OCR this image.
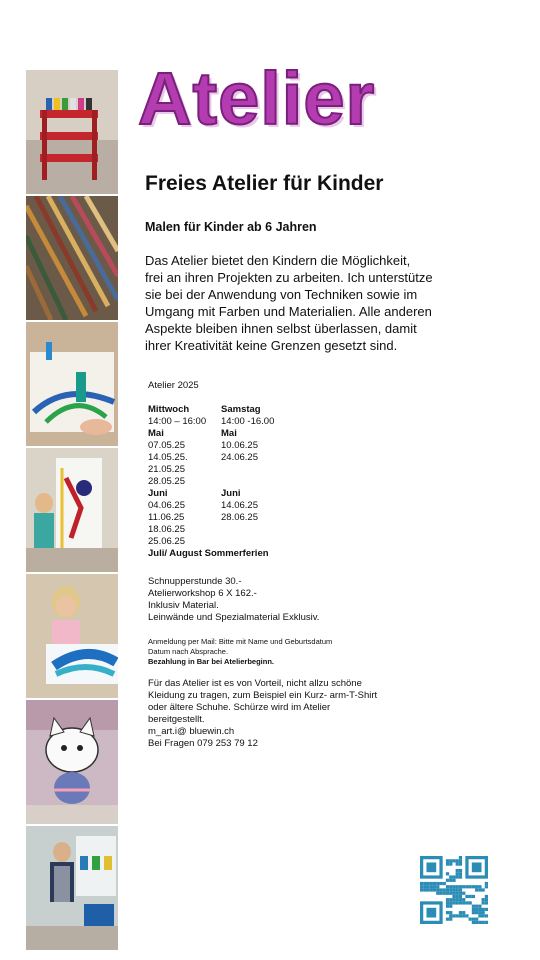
Atelier
Freies Atelier für Kinder
Malen für Kinder ab 6 Jahren
Das Atelier bietet den Kindern die Möglichkeit,
frei an ihren Projekten zu arbeiten. Ich unterstütze
sie bei der Anwendung von Techniken sowie im
Umgang mit Farben und Materialien. Alle anderen
Aspekte bleiben ihnen selbst überlassen, damit
ihrer Kreativität keine Grenzen gesetzt sind.
Atelier 2025
Mittwoch	Samstag
14:00 – 16:00	14:00 -16.00
Mai	Mai
07.05.25	10.06.25
14.05.25.	24.06.25
21.05.25
28.05.25
Juni	Juni
04.06.25	14.06.25
11.06.25	28.06.25
18.06.25
25.06.25
Juli/ August Sommerferien
Schnupperstunde 30.-
Atelierworkshop 6 X 162.-
Inklusiv Material.
Leinwände und Spezialmaterial Exklusiv.
Anmeldung per Mail: Bitte mit Name und Geburtsdatum
Datum nach Absprache.
Bezahlung in Bar bei Atelierbeginn.
Für das Atelier ist es von Vorteil, nicht allzu schöne
Kleidung zu tragen, zum Beispiel ein Kurz- arm-T-Shirt
oder ältere Schuhe. Schürze wird im Atelier
bereitgestellt.
m_art.i@ bluewin.ch
Bei Fragen 079 253 79 12
